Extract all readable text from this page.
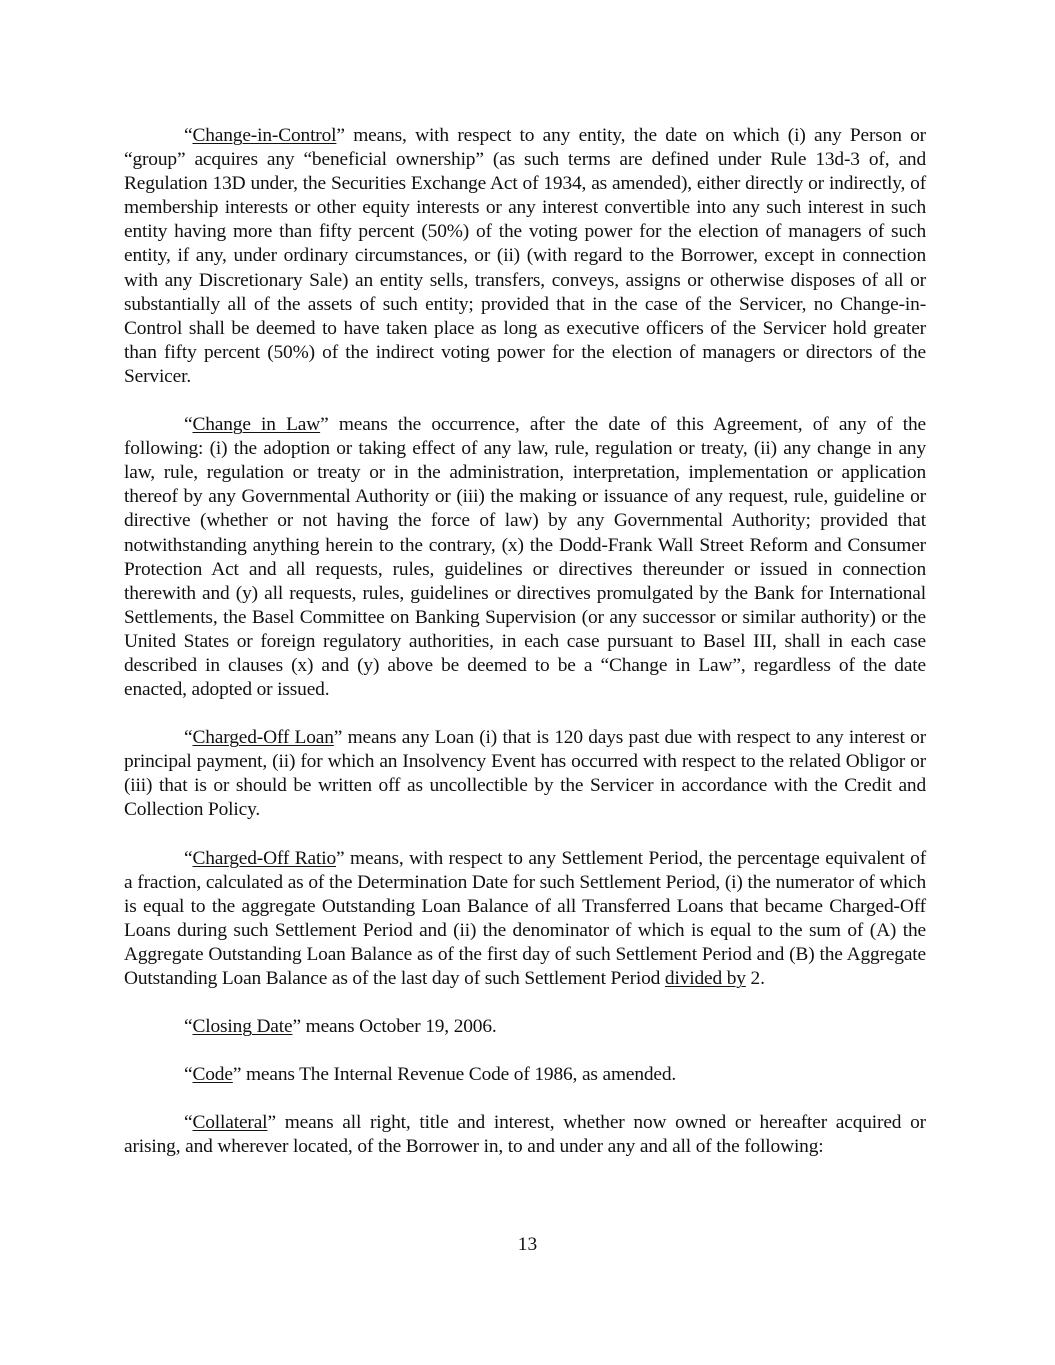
“Change-in-Control” means, with respect to any entity, the date on which (i) any Person or “group” acquires any “beneficial ownership” (as such terms are defined under Rule 13d-3 of, and Regulation 13D under, the Securities Exchange Act of 1934, as amended), either directly or indirectly, of membership interests or other equity interests or any interest convertible into any such interest in such entity having more than fifty percent (50%) of the voting power for the election of managers of such entity, if any, under ordinary circumstances, or (ii) (with regard to the Borrower, except in connection with any Discretionary Sale) an entity sells, transfers, conveys, assigns or otherwise disposes of all or substantially all of the assets of such entity; provided that in the case of the Servicer, no Change-in-Control shall be deemed to have taken place as long as executive officers of the Servicer hold greater than fifty percent (50%) of the indirect voting power for the election of managers or directors of the Servicer.

“Change in Law” means the occurrence, after the date of this Agreement, of any of the following: (i) the adoption or taking effect of any law, rule, regulation or treaty, (ii) any change in any law, rule, regulation or treaty or in the administration, interpretation, implementation or application thereof by any Governmental Authority or (iii) the making or issuance of any request, rule, guideline or directive (whether or not having the force of law) by any Governmental Authority; provided that notwithstanding anything herein to the contrary, (x) the Dodd-Frank Wall Street Reform and Consumer Protection Act and all requests, rules, guidelines or directives thereunder or issued in connection therewith and (y) all requests, rules, guidelines or directives promulgated by the Bank for International Settlements, the Basel Committee on Banking Supervision (or any successor or similar authority) or the United States or foreign regulatory authorities, in each case pursuant to Basel III, shall in each case described in clauses (x) and (y) above be deemed to be a “Change in Law”, regardless of the date enacted, adopted or issued.

“Charged-Off Loan” means any Loan (i) that is 120 days past due with respect to any interest or principal payment, (ii) for which an Insolvency Event has occurred with respect to the related Obligor or (iii) that is or should be written off as uncollectible by the Servicer in accordance with the Credit and Collection Policy.

“Charged-Off Ratio” means, with respect to any Settlement Period, the percentage equivalent of a fraction, calculated as of the Determination Date for such Settlement Period, (i) the numerator of which is equal to the aggregate Outstanding Loan Balance of all Transferred Loans that became Charged-Off Loans during such Settlement Period and (ii) the denominator of which is equal to the sum of (A) the Aggregate Outstanding Loan Balance as of the first day of such Settlement Period and (B) the Aggregate Outstanding Loan Balance as of the last day of such Settlement Period divided by 2.

“Closing Date” means October 19, 2006.

“Code” means The Internal Revenue Code of 1986, as amended.

“Collateral” means all right, title and interest, whether now owned or hereafter acquired or arising, and wherever located, of the Borrower in, to and under any and all of the following:

13
